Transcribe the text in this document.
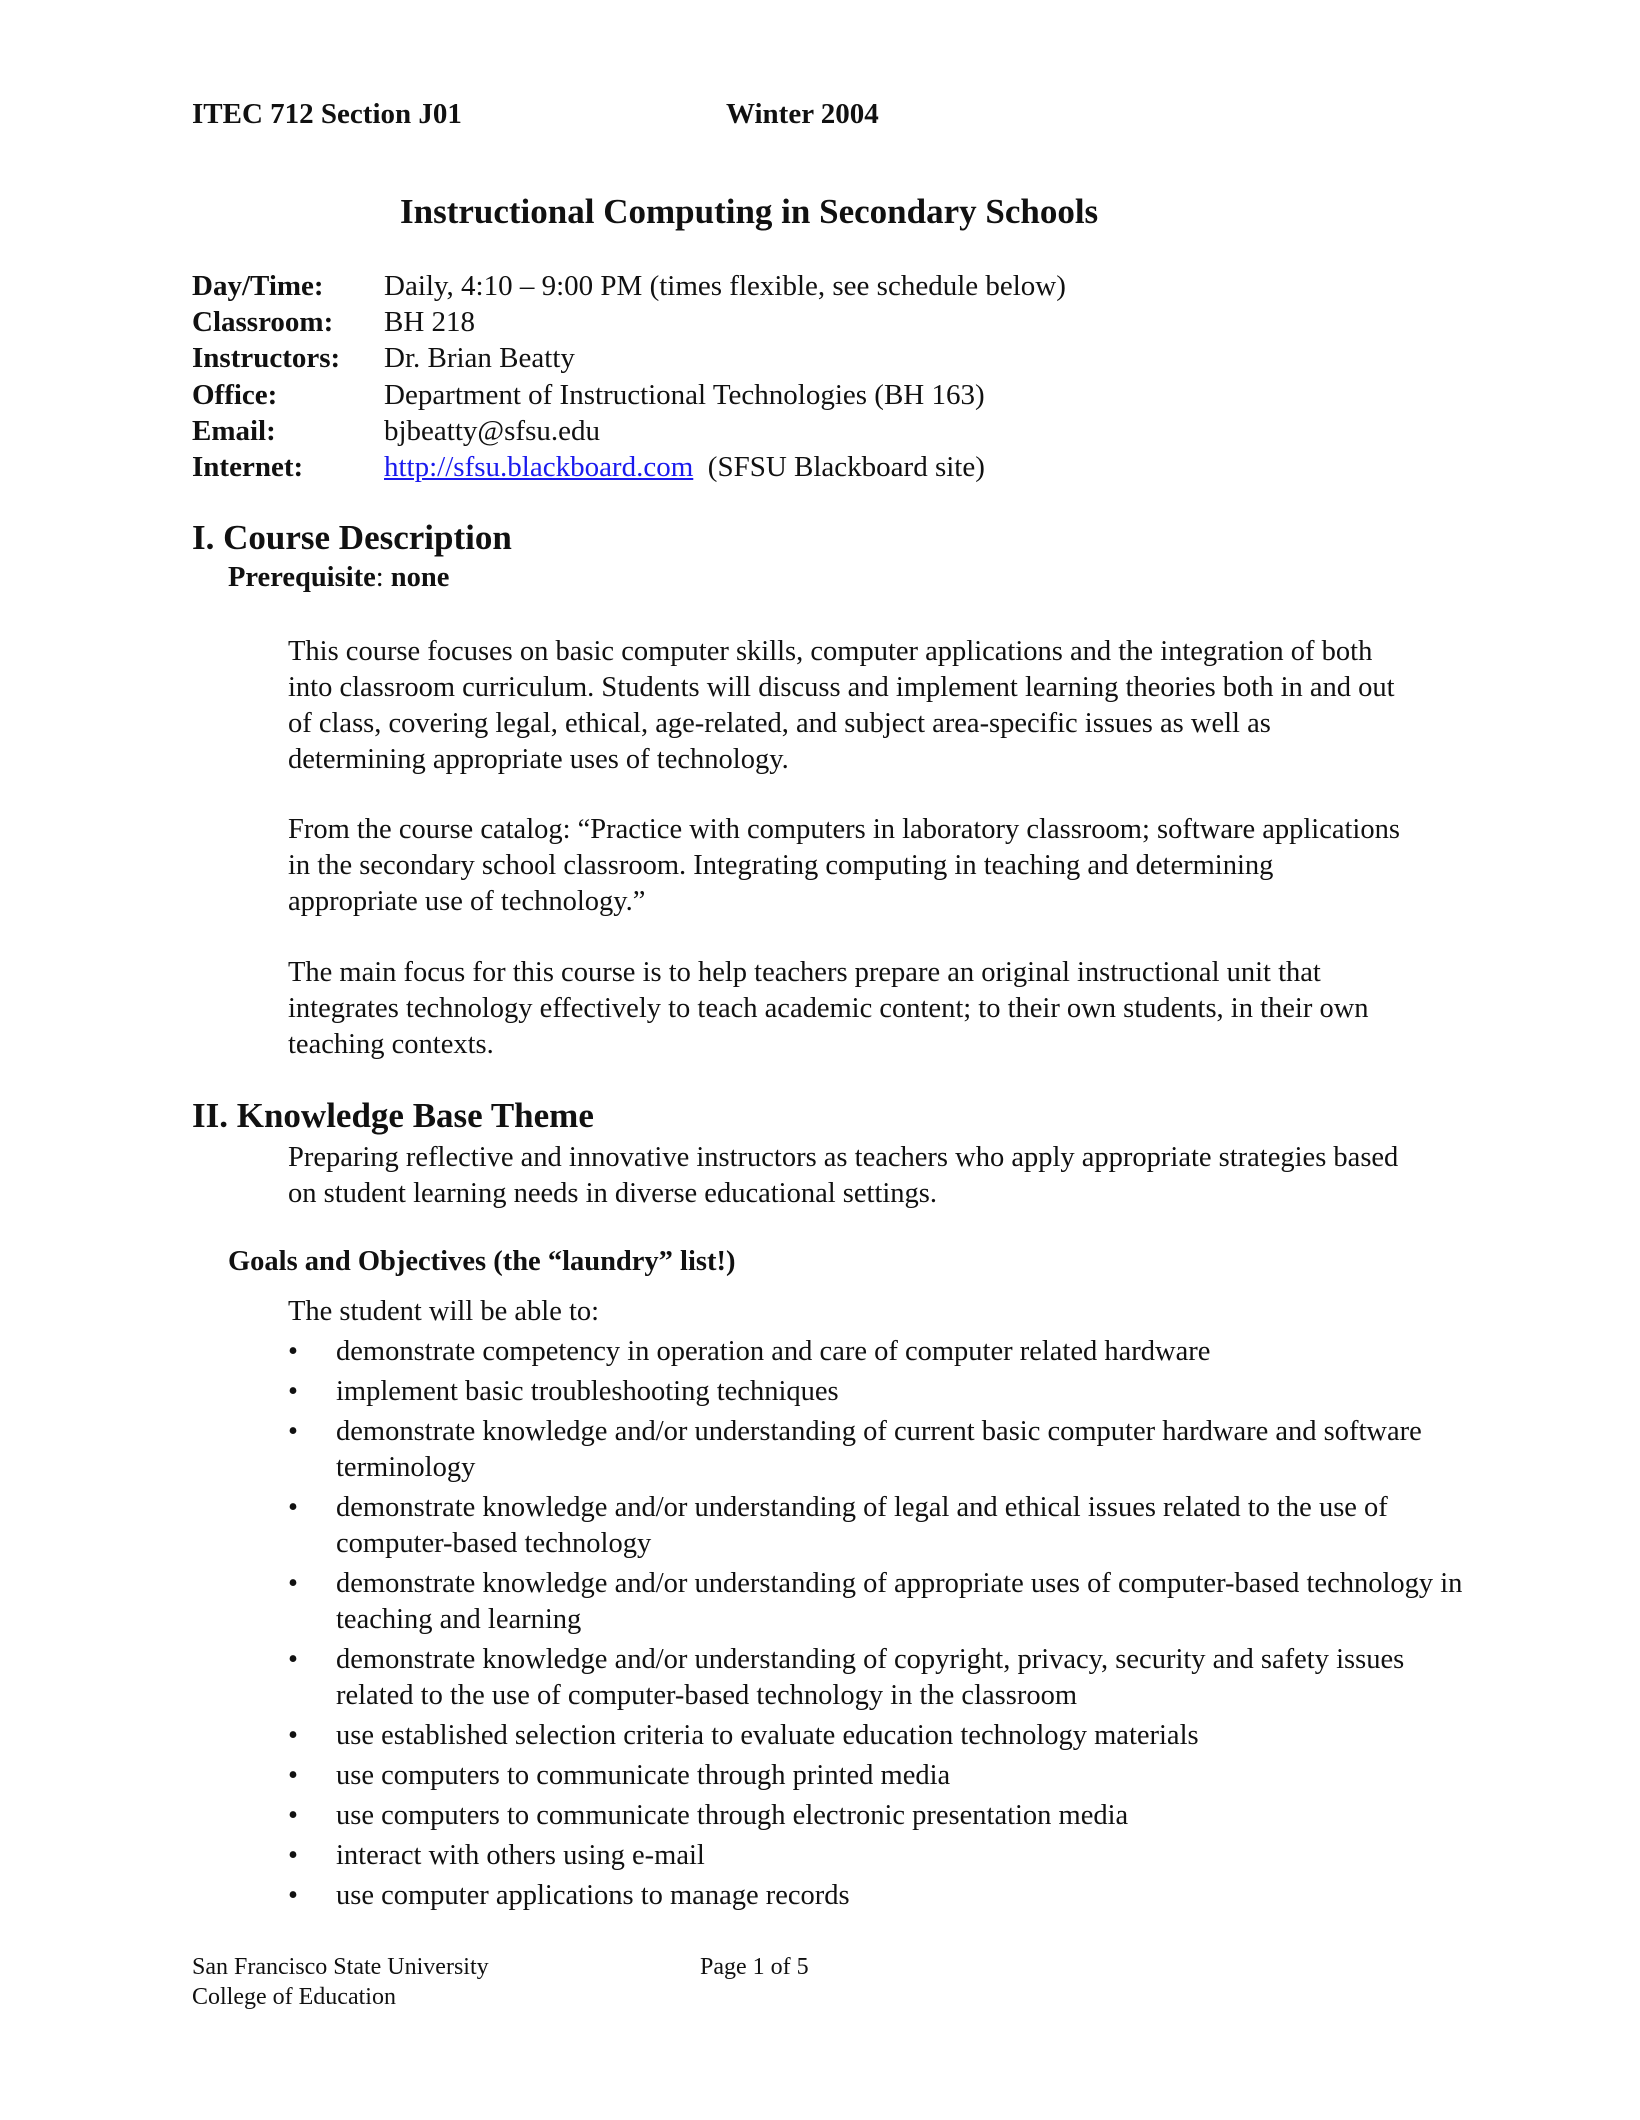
ITEC 712 Section J01	Winter 2004
Instructional Computing in Secondary Schools
Day/Time:	Daily, 4:10 – 9:00 PM (times flexible, see schedule below)
Classroom:	BH 218
Instructors:	Dr. Brian Beatty
Office:	Department of Instructional Technologies (BH 163)
Email:	bjbeatty@sfsu.edu
Internet:	http://sfsu.blackboard.com (SFSU Blackboard site)
I. Course Description
Prerequisite: none
This course focuses on basic computer skills, computer applications and the integration of both into classroom curriculum. Students will discuss and implement learning theories both in and out of class, covering legal, ethical, age-related, and subject area-specific issues as well as determining appropriate uses of technology.
From the course catalog: “Practice with computers in laboratory classroom; software applications in the secondary school classroom. Integrating computing in teaching and determining appropriate use of technology.”
The main focus for this course is to help teachers prepare an original instructional unit that integrates technology effectively to teach academic content; to their own students, in their own teaching contexts.
II. Knowledge Base Theme
Preparing reflective and innovative instructors as teachers who apply appropriate strategies based on student learning needs in diverse educational settings.
Goals and Objectives (the “laundry” list!)

The student will be able to:

• demonstrate competency in operation and care of computer related hardware
• implement basic troubleshooting techniques
• demonstrate knowledge and/or understanding of current basic computer hardware and software terminology
• demonstrate knowledge and/or understanding of legal and ethical issues related to the use of computer-based technology
• demonstrate knowledge and/or understanding of appropriate uses of computer-based technology in teaching and learning
• demonstrate knowledge and/or understanding of copyright, privacy, security and safety issues related to the use of computer-based technology in the classroom
• use established selection criteria to evaluate education technology materials
• use computers to communicate through printed media
• use computers to communicate through electronic presentation media
• interact with others using e-mail
• use computer applications to manage records
San Francisco State University
College of Education
Page 1 of 5
